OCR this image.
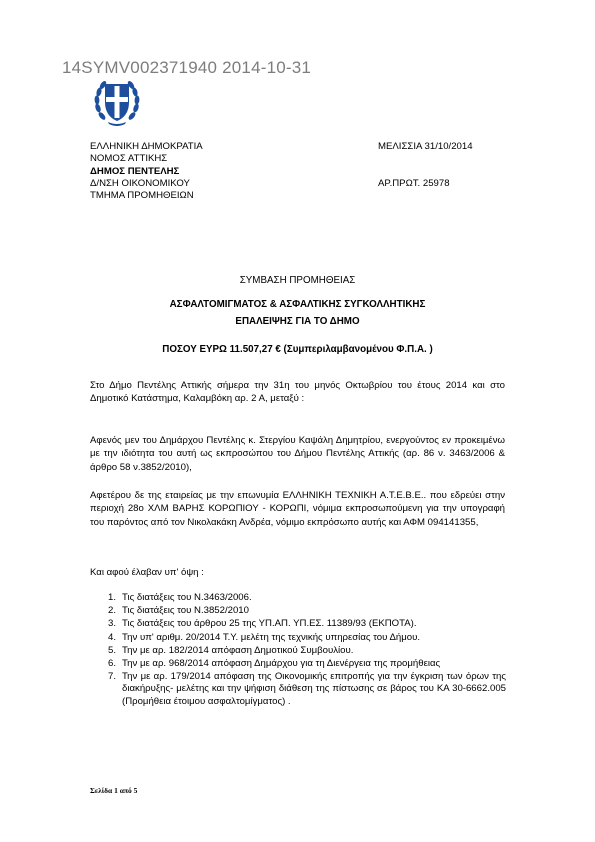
14SYMV002371940 2014-10-31
ΕΛΛΗΝΙΚΗ ΔΗΜΟΚΡΑΤΙΑ
ΝΟΜΟΣ ΑΤΤΙΚΗΣ
ΔΗΜΟΣ ΠΕΝΤΕΛΗΣ
Δ/ΝΣΗ ΟΙΚΟΝΟΜΙΚΟΥ
ΤΜΗΜΑ ΠΡΟΜΗΘΕΙΩΝ
ΜΕΛΙΣΣΙΑ 31/10/2014
ΑΡ.ΠΡΩΤ. 25978
ΣΥΜΒΑΣΗ ΠΡΟΜΗΘΕΙΑΣ
ΑΣΦΑΛΤΟΜΙΓΜΑΤΟΣ & ΑΣΦΑΛΤΙΚΗΣ ΣΥΓΚΟΛΛΗΤΙΚΗΣ
ΕΠΑΛΕΙΨΗΣ ΓΙΑ ΤΟ ΔΗΜΟ
ΠΟΣΟΥ ΕΥΡΩ 11.507,27 € (Συμπεριλαμβανομένου Φ.Π.Α. )
Στο Δήμο Πεντέλης Αττικής σήμερα την 31η του μηνός Οκτωβρίου του έτους 2014 και στο Δημοτικό Κατάστημα, Καλαμβόκη αρ. 2 Α, μεταξύ :
Αφενός μεν του Δημάρχου Πεντέλης κ. Στεργίου Καψάλη Δημητρίου, ενεργούντος εν προκειμένω με την ιδιότητα του αυτή ως εκπροσώπου του Δήμου Πεντέλης Αττικής (αρ. 86 ν. 3463/2006 & άρθρο 58 ν.3852/2010),
Αφετέρου δε της εταιρείας με την επωνυμία ΕΛΛΗΝΙΚΗ ΤΕΧΝΙΚΗ Α.Τ.Ε.Β.Ε.. που εδρεύει στην περιοχή 28ο ΧΛΜ ΒΑΡΗΣ ΚΟΡΩΠΙΟΥ - ΚΟΡΩΠΙ, νόμιμα εκπροσωπούμενη για την υπογραφή του παρόντος από τον Νικολακάκη Ανδρέα, νόμιμο εκπρόσωπο αυτής και ΑΦΜ 094141355,
Και αφού έλαβαν υπ' όψη :
1. Τις διατάξεις του Ν.3463/2006.
2. Τις διατάξεις του Ν.3852/2010
3. Τις διατάξεις του άρθρου 25 της ΥΠ.ΑΠ. ΥΠ.ΕΣ. 11389/93 (ΕΚΠΟΤΑ).
4. Την υπ' αριθμ. 20/2014 Τ.Υ. μελέτη της τεχνικής υπηρεσίας του Δήμου.
5. Την με αρ. 182/2014 απόφαση Δημοτικού Συμβουλίου.
6. Την με αρ. 968/2014 απόφαση Δημάρχου για τη Διενέργεια της προμήθειας
7. Την με αρ. 179/2014 απόφαση της Οικονομικής επιτροπής για την έγκριση των όρων της διακήρυξης- μελέτης και την ψήφιση διάθεση της πίστωσης σε βάρος του ΚΑ 30-6662.005 (Προμήθεια έτοιμου ασφαλτομίγματος) .
Σελίδα 1 από 5
